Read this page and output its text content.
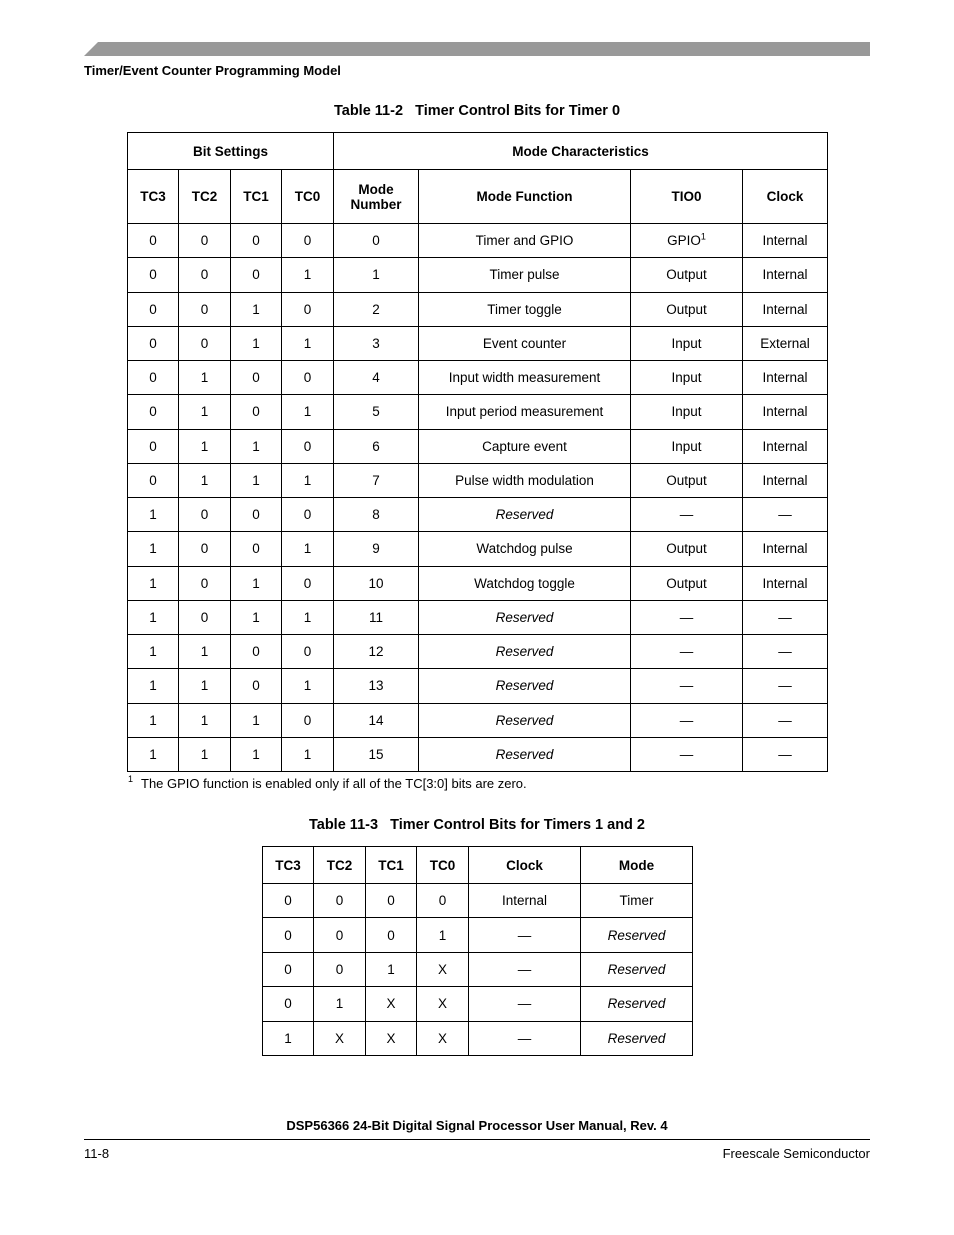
Timer/Event Counter Programming Model
Table 11-2   Timer Control Bits for Timer 0
Bit Settings				Mode Characteristics			
TC3	TC2	TC1	TC0	Mode Number	Mode Function	TIO0	Clock
0	0	0	0	0	Timer and GPIO	GPIO$^1$	Internal
0	0	0	1	1	Timer pulse	Output	Internal
0	0	1	0	2	Timer toggle	Output	Internal
0	0	1	1	3	Event counter	Input	External
0	1	0	0	4	Input width measurement	Input	Internal
0	1	0	1	5	Input period measurement	Input	Internal
0	1	1	0	6	Capture event	Input	Internal
0	1	1	1	7	Pulse width modulation	Output	Internal
1	0	0	0	8	Reserved	—	—
1	0	0	1	9	Watchdog pulse	Output	Internal
1	0	1	0	10	Watchdog toggle	Output	Internal
1	0	1	1	11	Reserved	—	—
1	1	0	0	12	Reserved	—	—
1	1	0	1	13	Reserved	—	—
1	1	1	0	14	Reserved	—	—
1	1	1	1	15	Reserved	—	—
$^1$ The GPIO function is enabled only if all of the TC[3:0] bits are zero.
Table 11-3   Timer Control Bits for Timers 1 and 2
TC3	TC2	TC1	TC0	Clock	Mode
0	0	0	0	Internal	Timer
0	0	0	1	—	Reserved
0	0	1	X	—	Reserved
0	1	X	X	—	Reserved
1	X	X	X	—	Reserved
DSP56366 24-Bit Digital Signal Processor User Manual, Rev. 4
11-8	Freescale Semiconductor
